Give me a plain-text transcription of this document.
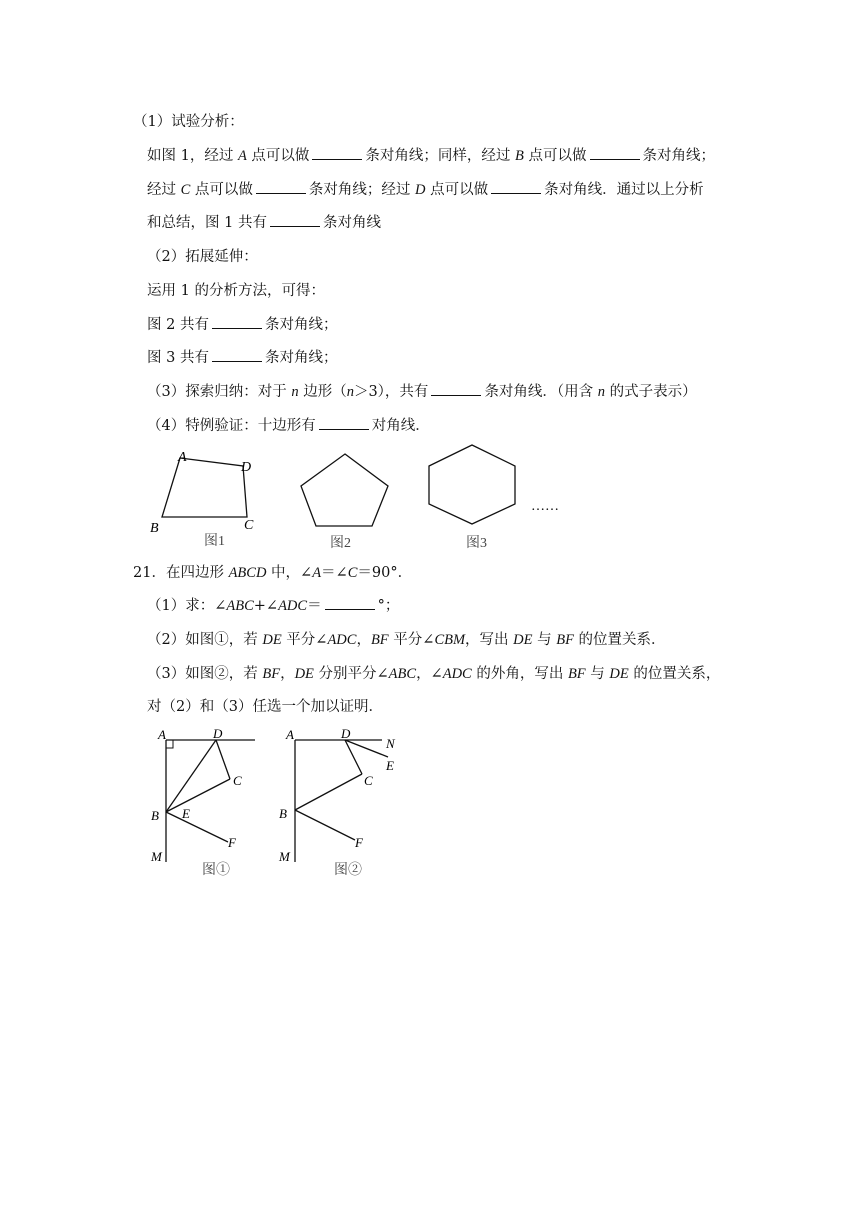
（1）试验分析：
如图 1，经过 A 点可以做	条对角线；同样，经过 B 点可以做	条对角线；
经过 C 点可以做	条对角线；经过 D 点可以做	条对角线．通过以上分析
和总结，图 1 共有	条对角线
（2）拓展延伸：
运用 1 的分析方法，可得：
图 2 共有	条对角线；
图 3 共有	条对角线；
（3）探索归纳：对于 n 边形（n＞3），共有	条对角线．（用含 n 的式子表示）
（4）特例验证：十边形有	对角线．
A
D
B	C
图1	图2	图3
……
21．在四边形 ABCD 中，∠A＝∠C＝90°．
（1）求：∠ABC+∠ADC＝	°；
（2）如图①，若 DE 平分∠ADC，BF 平分∠CBM，写出 DE 与 BF 的位置关系．
（3）如图②，若 BF，DE 分别平分∠ABC，∠ADC 的外角，写出 BF 与 DE 的位置关系，
对（2）和（3）任选一个加以证明．
A	D
C
B E
F
M
图①
A	D
N
E
C
B
F
M
图②
